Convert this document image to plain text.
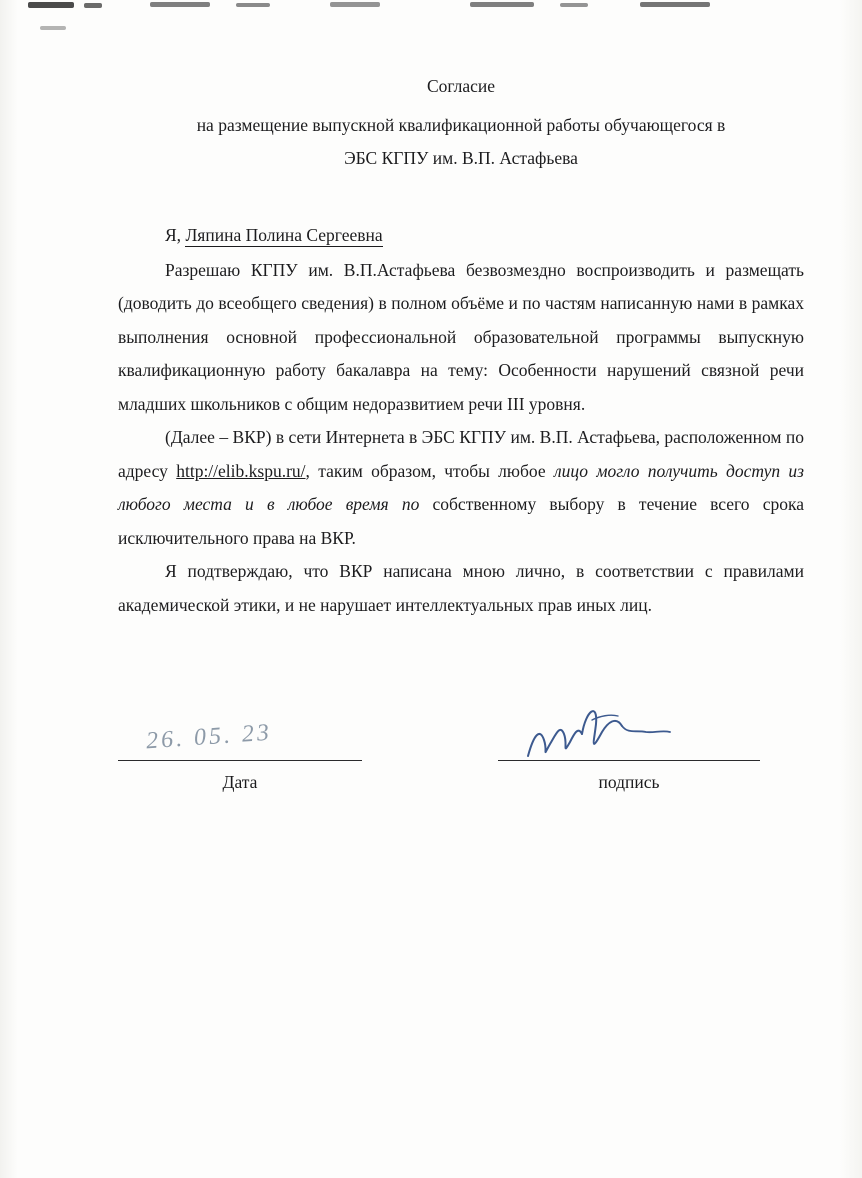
Согласие
на размещение выпускной квалификационной работы обучающегося в
ЭБС КГПУ им. В.П. Астафьева

Я, Ляпина Полина Сергеевна

Разрешаю КГПУ им. В.П.Астафьева безвозмездно воспроизводить и размещать (доводить до всеобщего сведения) в полном объёме и по частям написанную нами в рамках выполнения основной профессиональной образовательной программы выпускную квалификационную работу бакалавра на тему: Особенности нарушений связной речи младших школьников с общим недоразвитием речи III уровня.

(Далее – ВКР) в сети Интернета в ЭБС КГПУ им. В.П. Астафьева, расположенном по адресу http://elib.kspu.ru/, таким образом, чтобы любое лицо могло получить доступ из любого места и в любое время по собственному выбору в течение всего срока исключительного права на ВКР.

Я подтверждаю, что ВКР написана мною лично, в соответствии с правилами академической этики, и не нарушает интеллектуальных прав иных лиц.

26. 05. 23
Дата	подпись
